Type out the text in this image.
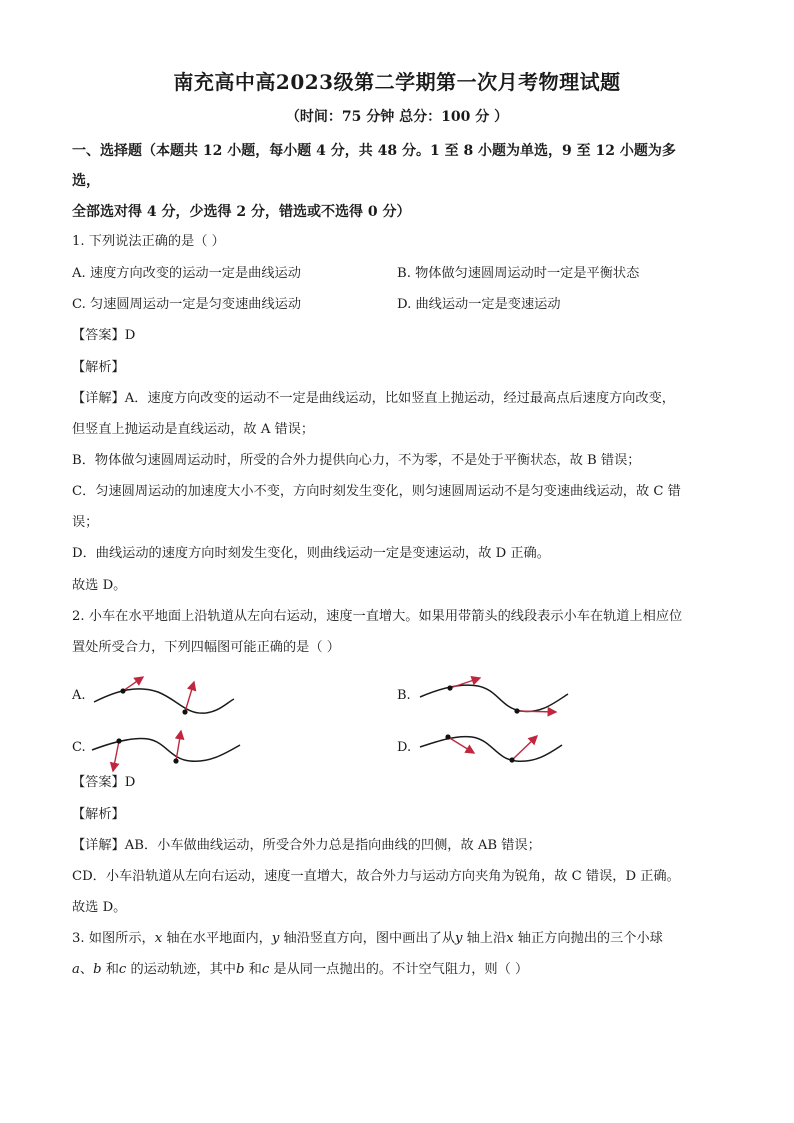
南充高中高2023级第二学期第一次月考物理试题
（时间：75 分钟 总分：100 分 ）
一、选择题（本题共 12 小题，每小题 4 分，共 48 分。1 至 8 小题为单选，9 至 12 小题为多
选，
全部选对得 4 分，少选得 2 分，错选或不选得 0 分）
1. 下列说法正确的是（ ）
A. 速度方向改变的运动一定是曲线运动	B. 物体做匀速圆周运动时一定是平衡状态
C. 匀速圆周运动一定是匀变速曲线运动	D. 曲线运动一定是变速运动
【答案】D
【解析】
【详解】A．速度方向改变的运动不一定是曲线运动，比如竖直上抛运动，经过最高点后速度方向改变，
但竖直上抛运动是直线运动，故 A 错误；
B．物体做匀速圆周运动时，所受的合外力提供向心力，不为零，不是处于平衡状态，故 B 错误；
C．匀速圆周运动的加速度大小不变，方向时刻发生变化，则匀速圆周运动不是匀变速曲线运动，故 C 错
误；
D．曲线运动的速度方向时刻发生变化，则曲线运动一定是变速运动，故 D 正确。
故选 D。
2. 小车在水平地面上沿轨道从左向右运动，速度一直增大。如果用带箭头的线段表示小车在轨道上相应位
置处所受合力，下列四幅图可能正确的是（ ）
A.	B.
C.	D.
【答案】D
【解析】
【详解】AB．小车做曲线运动，所受合外力总是指向曲线的凹侧，故 AB 错误；
CD．小车沿轨道从左向右运动，速度一直增大，故合外力与运动方向夹角为锐角，故 C 错误，D 正确。
故选 D。
3. 如图所示，x 轴在水平地面内，y 轴沿竖直方向，图中画出了从y 轴上沿x 轴正方向抛出的三个小球
a、b 和c 的运动轨迹，其中b 和c 是从同一点抛出的。不计空气阻力，则（ ）
